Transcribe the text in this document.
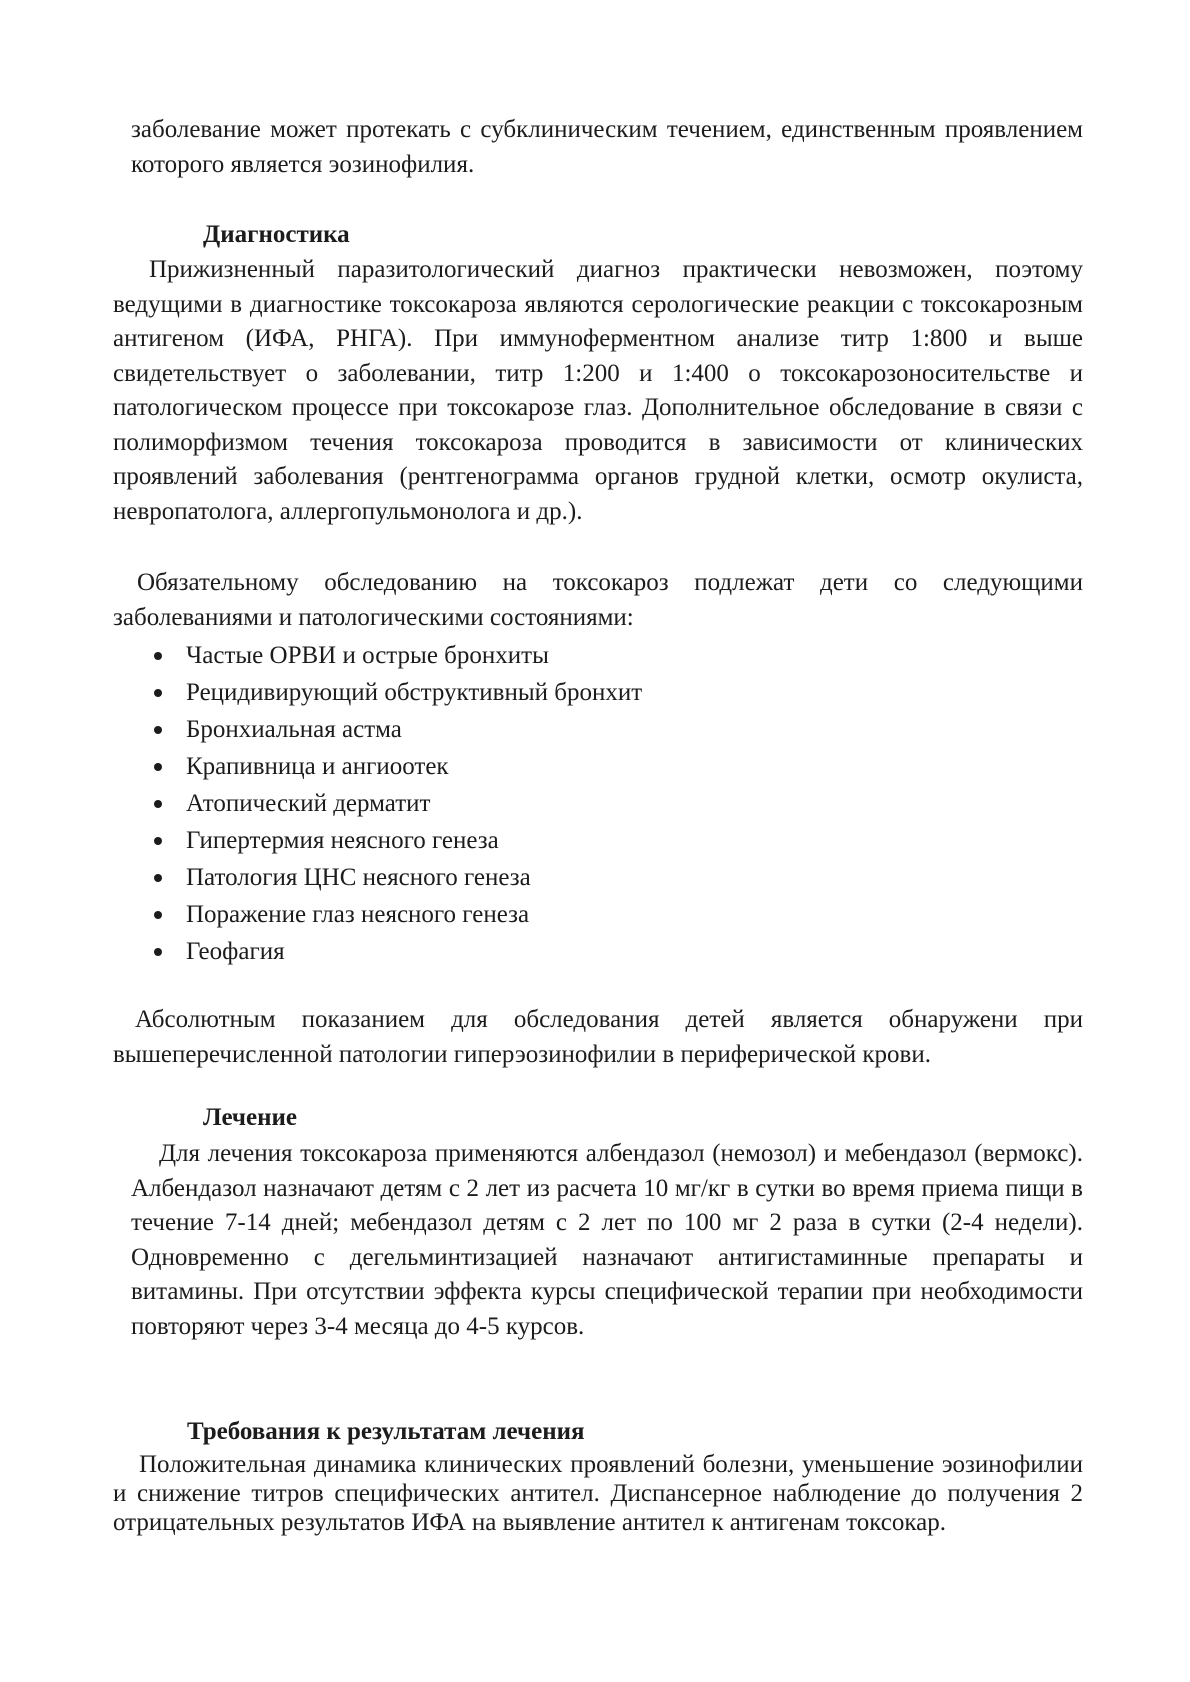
заболевание может протекать с субклиническим течением, единственным проявлением которого является эозинофилия.

Диагностика

Прижизненный паразитологический диагноз практически невозможен, поэтому ведущими в диагностике токсокароза являются серологические реакции с токсокарозным антигеном (ИФА, РНГА). При иммуноферментном анализе титр 1:800 и выше свидетельствует о заболевании, титр 1:200 и 1:400 о токсокарозоносительстве и патологическом процессе при токсокарозе глаз. Дополнительное обследование в связи с полиморфизмом течения токсокароза проводится в зависимости от клинических проявлений заболевания (рентгенограмма органов грудной клетки, осмотр окулиста, невропатолога, аллергопульмонолога и др.).

Обязательному обследованию на токсокароз подлежат дети со следующими заболеваниями и патологическими состояниями:

Частые ОРВИ и острые бронхиты
Рецидивирующий обструктивный бронхит
Бронхиальная астма
Крапивница и ангиоотек
Атопический дерматит
Гипертермия неясного генеза
Патология ЦНС неясного генеза
Поражение глаз неясного генеза
Геофагия

Абсолютным показанием для обследования детей является обнаружени при вышеперечисленной патологии гиперэозинофилии в периферической крови.

Лечение

Для лечения токсокароза применяются албендазол (немозол) и мебендазол (вермокс). Албендазол назначают детям с 2 лет из расчета 10 мг/кг в сутки во время приема пищи в течение 7-14 дней; мебендазол детям с 2 лет по 100 мг 2 раза в сутки (2-4 недели). Одновременно с дегельминтизацией назначают антигистаминные препараты и витамины. При отсутствии эффекта курсы специфической терапии при необходимости повторяют через 3-4 месяца до 4-5 курсов.

Требования к результатам лечения

Положительная динамика клинических проявлений болезни, уменьшение эозинофилии и снижение титров специфических антител. Диспансерное наблюдение до получения 2 отрицательных результатов ИФА на выявление антител к антигенам токсокар.
